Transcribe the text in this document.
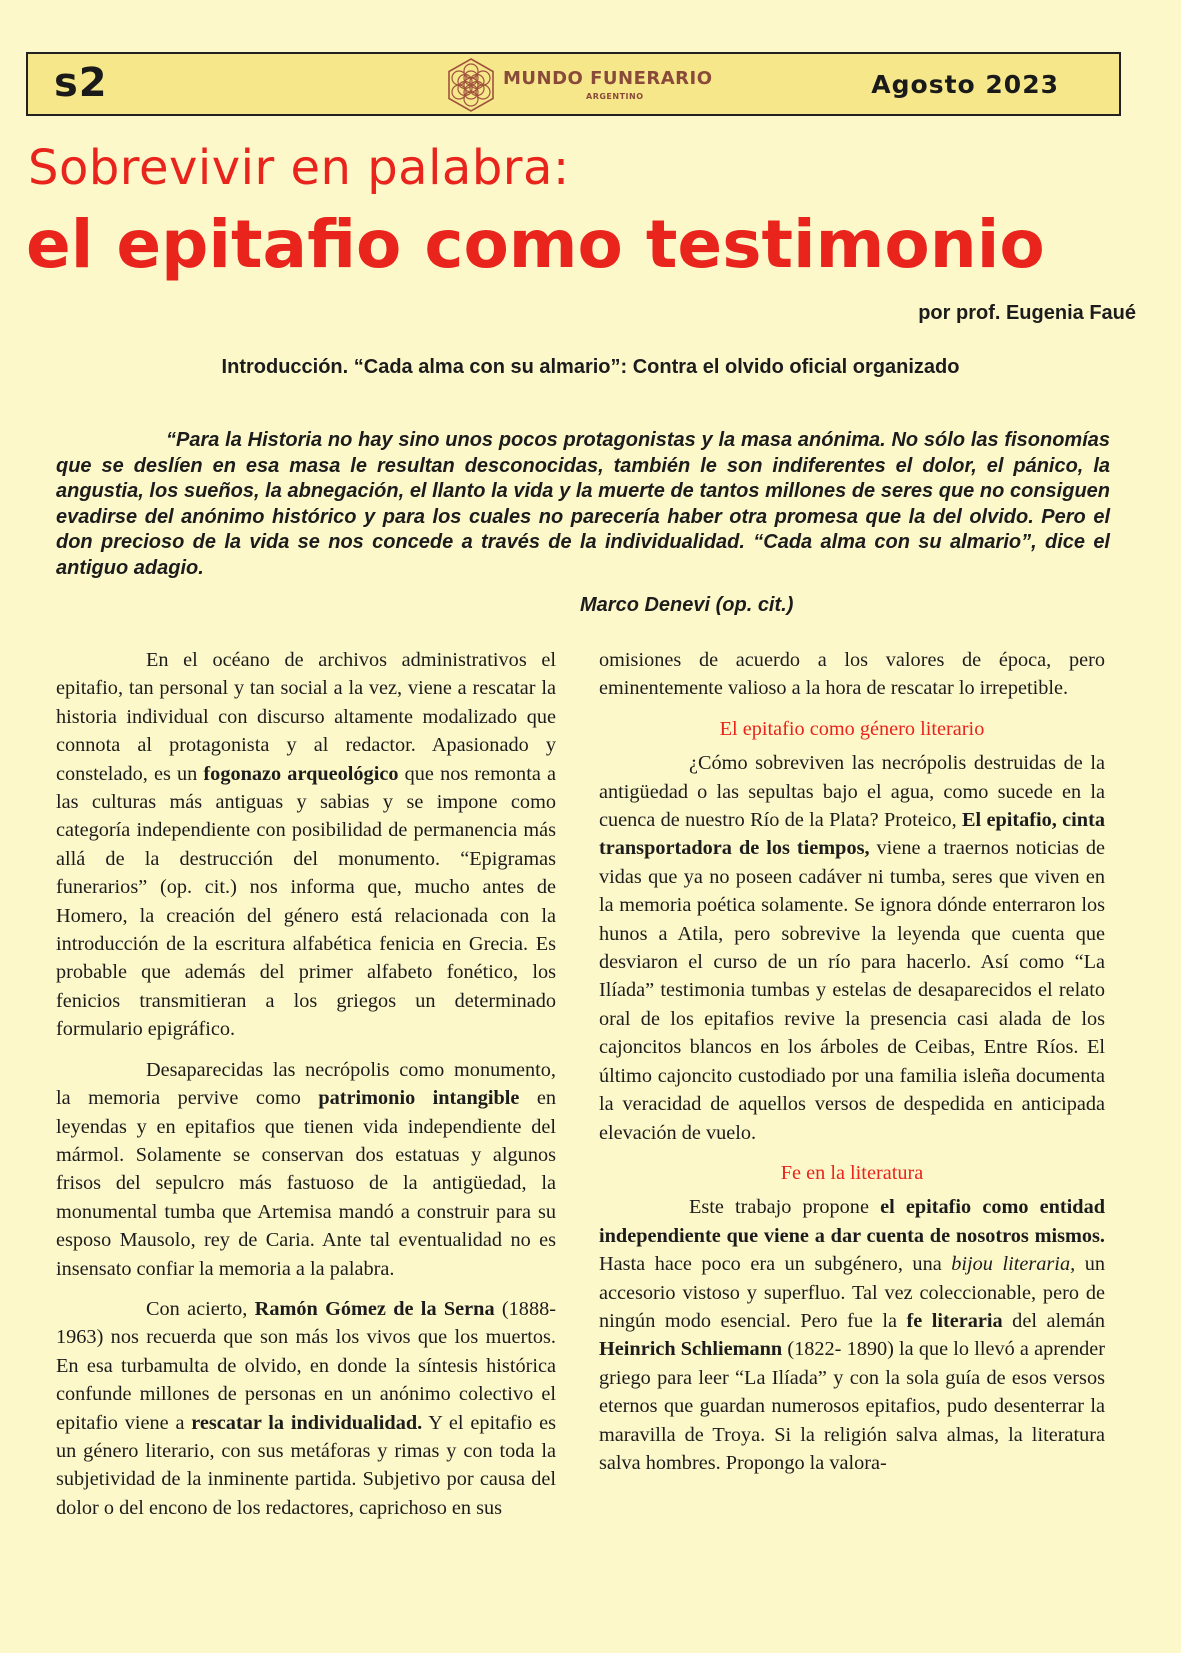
s2	MUNDO FUNERARIO
ARGENTINO	Agosto 2023
Sobrevivir en palabra:
el epitafio como testimonio
por prof. Eugenia Faué
Introducción. “Cada alma con su almario”: Contra el olvido oficial organizado

“Para la Historia no hay sino unos pocos protagonistas y la masa anónima. No sólo las fisonomías que se deslíen en esa masa le resultan desconocidas, también le son indiferentes el dolor, el pánico, la angustia, los sueños, la abnegación, el llanto la vida y la muerte de tantos millones de seres que no consiguen evadirse del anónimo histórico y para los cuales no parecería haber otra promesa que la del olvido. Pero el don precioso de la vida se nos concede a través de la individualidad. “Cada alma con su almario”, dice el antiguo adagio.

Marco Denevi (op. cit.)

En el océano de archivos administrativos el epitafio, tan personal y tan social a la vez, viene a rescatar la historia individual con discurso altamente modalizado que connota al protagonista y al redactor. Apasionado y constelado, es un fogonazo arqueológico que nos remonta a las culturas más antiguas y sabias y se impone como categoría independiente con posibilidad de permanencia más allá de la destrucción del monumento. “Epigramas funerarios” (op. cit.) nos informa que, mucho antes de Homero, la creación del género está relacionada con la introducción de la escritura alfabética fenicia en Grecia. Es probable que además del primer alfabeto fonético, los fenicios transmitieran a los griegos un determinado formulario epigráfico.

Desaparecidas las necrópolis como monumento, la memoria pervive como patrimonio intangible en leyendas y en epitafios que tienen vida independiente del mármol. Solamente se conservan dos estatuas y algunos frisos del sepulcro más fastuoso de la antigüedad, la monumental tumba que Artemisa mandó a construir para su esposo Mausolo, rey de Caria. Ante tal eventualidad no es insensato confiar la memoria a la palabra.

Con acierto, Ramón Gómez de la Serna (1888-1963) nos recuerda que son más los vivos que los muertos. En esa turbamulta de olvido, en donde la síntesis histórica confunde millones de personas en un anónimo colectivo el epitafio viene a rescatar la individualidad. Y el epitafio es un género literario, con sus metáforas y rimas y con toda la subjetividad de la inminente partida. Subjetivo por causa del dolor o del encono de los redactores, caprichoso en sus

omisiones de acuerdo a los valores de época, pero eminentemente valioso a la hora de rescatar lo irrepetible.

El epitafio como género literario

¿Cómo sobreviven las necrópolis destruidas de la antigüedad o las sepultas bajo el agua, como sucede en la cuenca de nuestro Río de la Plata? Proteico, El epitafio, cinta transportadora de los tiempos, viene a traernos noticias de vidas que ya no poseen cadáver ni tumba, seres que viven en la memoria poética solamente. Se ignora dónde enterraron los hunos a Atila, pero sobrevive la leyenda que cuenta que desviaron el curso de un río para hacerlo. Así como “La Ilíada” testimonia tumbas y estelas de desaparecidos el relato oral de los epitafios revive la presencia casi alada de los cajoncitos blancos en los árboles de Ceibas, Entre Ríos. El último cajoncito custodiado por una familia isleña documenta la veracidad de aquellos versos de despedida en anticipada elevación de vuelo.

Fe en la literatura

Este trabajo propone el epitafio como entidad independiente que viene a dar cuenta de nosotros mismos. Hasta hace poco era un subgénero, una bijou literaria, un accesorio vistoso y superfluo. Tal vez coleccionable, pero de ningún modo esencial. Pero fue la fe literaria del alemán Heinrich Schliemann (1822- 1890) la que lo llevó a aprender griego para leer “La Ilíada” y con la sola guía de esos versos eternos que guardan numerosos epitafios, pudo desenterrar la maravilla de Troya. Si la religión salva almas, la literatura salva hombres. Propongo la valora-
